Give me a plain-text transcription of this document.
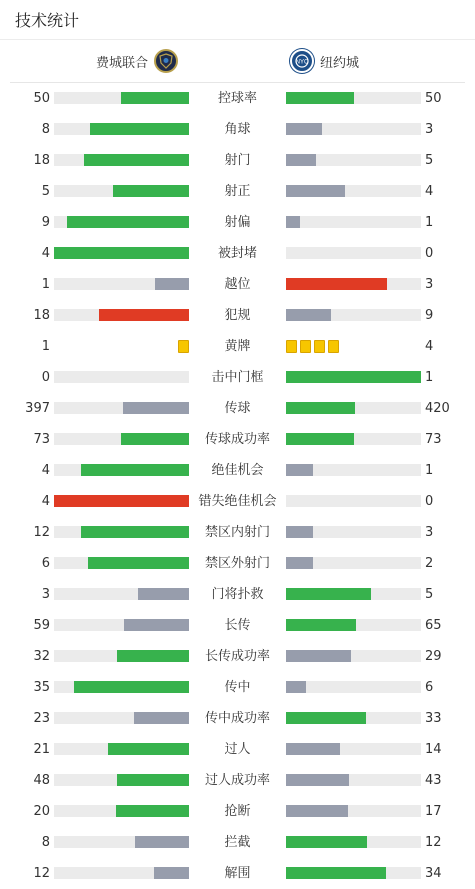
技术统计
费城联合	NYC 纽约城
50	控球率	50
8	角球	3
18	射门	5
5	射正	4
9	射偏	1
4	被封堵	0
1	越位	3
18	犯规	9
1	黄牌	4
0	击中门框	1
397	传球	420
73	传球成功率	73
4	绝佳机会	1
4	错失绝佳机会	0
12	禁区内射门	3
6	禁区外射门	2
3	门将扑救	5
59	长传	65
32	长传成功率	29
35	传中	6
23	传中成功率	33
21	过人	14
48	过人成功率	43
20	抢断	17
8	拦截	12
12	解围	34
